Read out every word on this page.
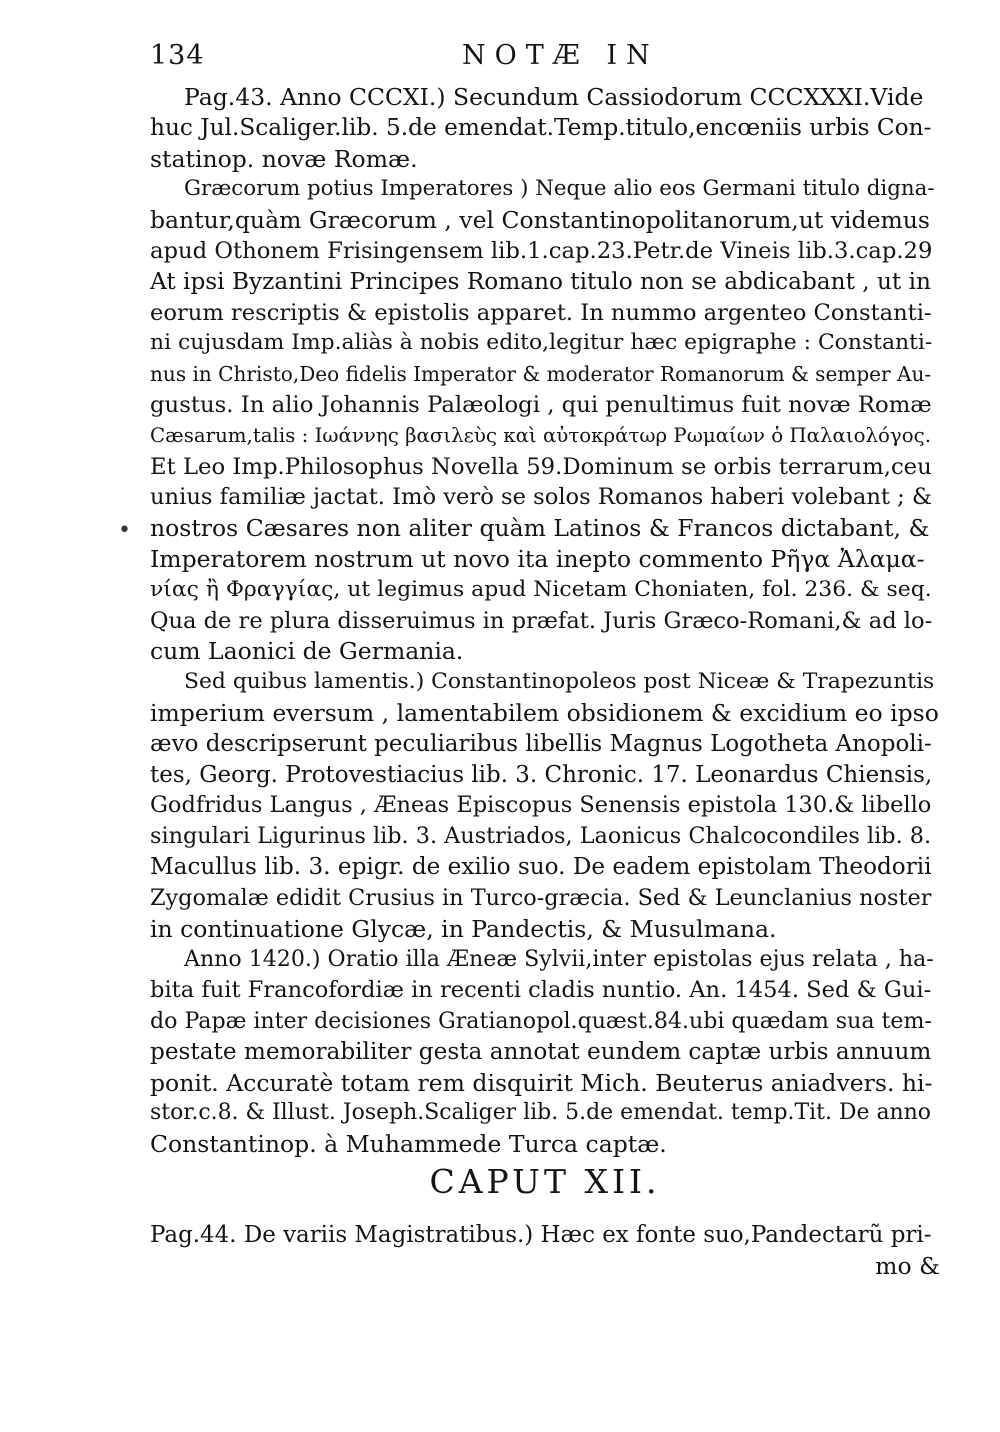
134	NOTÆ IN
Pag.43. Anno CCCXI.) Secundum Cassiodorum CCCXXXI.Vide
huc Jul.Scaliger.lib. 5.de emendat.Temp.titulo,encœniis urbis Con-
statinop. novæ Romæ.
Græcorum potius Imperatores ) Neque alio eos Germani titulo digna-
bantur,quàm Græcorum , vel Constantinopolitanorum,ut videmus
apud Othonem Frisingensem lib.1.cap.23.Petr.de Vineis lib.3.cap.29
At ipsi Byzantini Principes Romano titulo non se abdicabant , ut in
eorum rescriptis & epistolis apparet. In nummo argenteo Constanti-
ni cujusdam Imp.aliàs à nobis edito,legitur hæc epigraphe : Constanti-
nus in Christo,Deo fidelis Imperator & moderator Romanorum & semper Au-
gustus. In alio Johannis Palæologi , qui penultimus fuit novæ Romæ
Cæsarum,talis : Ιωάννης βασιλεὺς καὶ αὐτοκράτωρ Ρωμαίων ὁ Παλαιολόγος.
Et Leo Imp.Philosophus Novella 59.Dominum se orbis terrarum,ceu
unius familiæ jactat. Imò verò se solos Romanos haberi volebant ; &
nostros Cæsares non aliter quàm Latinos & Francos dictabant, &
Imperatorem nostrum ut novo ita inepto commento Ρῆγα Ἀλαμα-
νίας ἢ Φραγγίας, ut legimus apud Nicetam Choniaten, fol. 236. & seq.
Qua de re plura disseruimus in præfat. Juris Græco-Romani,& ad lo-
cum Laonici de Germania.
Sed quibus lamentis.) Constantinopoleos post Niceæ & Trapezuntis
imperium eversum , lamentabilem obsidionem & excidium eo ipso
ævo descripserunt peculiaribus libellis Magnus Logotheta Anopoli-
tes, Georg. Protovestiacius lib. 3. Chronic. 17. Leonardus Chiensis,
Godfridus Langus , Æneas Episcopus Senensis epistola 130.& libello
singulari Ligurinus lib. 3. Austriados, Laonicus Chalcocondiles lib. 8.
Macullus lib. 3. epigr. de exilio suo. De eadem epistolam Theodorii
Zygomalæ edidit Crusius in Turco-græcia. Sed & Leunclanius noster
in continuatione Glycæ, in Pandectis, & Musulmana.
Anno 1420.) Oratio illa Æneæ Sylvii,inter epistolas ejus relata , ha-
bita fuit Francofordiæ in recenti cladis nuntio. An. 1454. Sed & Gui-
do Papæ inter decisiones Gratianopol.quæst.84.ubi quædam sua tem-
pestate memorabiliter gesta annotat eundem captæ urbis annuum
ponit. Accuratè totam rem disquirit Mich. Beuterus aniadvers. hi-
stor.c.8. & Illust. Joseph.Scaliger lib. 5.de emendat. temp.Tit. De anno
Constantinop. à Muhammede Turca captæ.
CAPUT XII.
Pag.44. De variis Magistratibus.) Hæc ex fonte suo,Pandectarũ pri-
mo &
•
